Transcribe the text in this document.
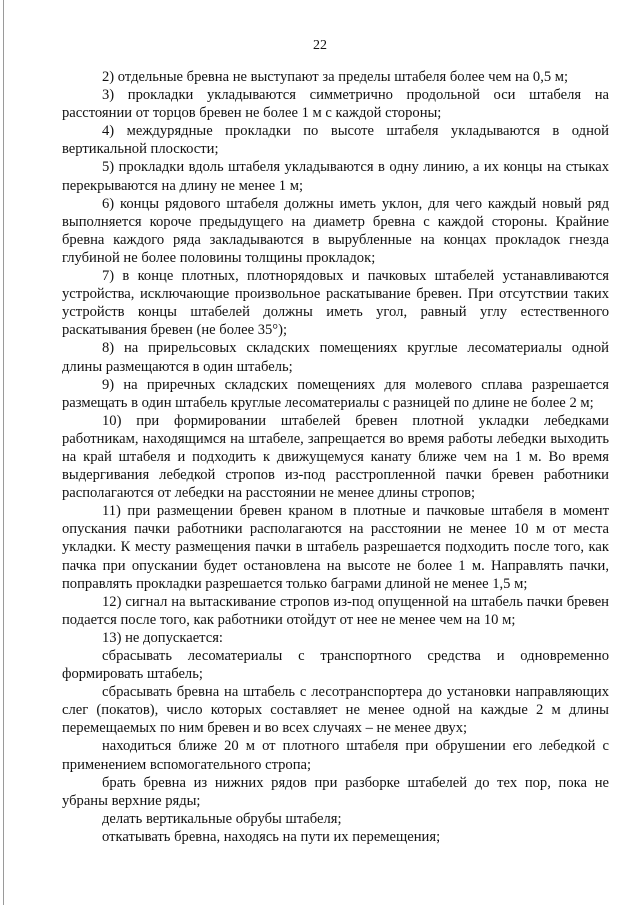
22

2) отдельные бревна не выступают за пределы штабеля более чем на 0,5 м;

3) прокладки укладываются симметрично продольной оси штабеля на расстоянии от торцов бревен не более 1 м с каждой стороны;

4) междурядные прокладки по высоте штабеля укладываются в одной вертикальной плоскости;

5) прокладки вдоль штабеля укладываются в одну линию, а их концы на стыках перекрываются на длину не менее 1 м;

6) концы рядового штабеля должны иметь уклон, для чего каждый новый ряд выполняется короче предыдущего на диаметр бревна с каждой стороны. Крайние бревна каждого ряда закладываются в вырубленные на концах прокладок гнезда глубиной не более половины толщины прокладок;

7) в конце плотных, плотнорядовых и пачковых штабелей устанавливаются устройства, исключающие произвольное раскатывание бревен. При отсутствии таких устройств концы штабелей должны иметь угол, равный углу естественного раскатывания бревен (не более 35°);

8) на прирельсовых складских помещениях круглые лесоматериалы одной длины размещаются в один штабель;

9) на приречных складских помещениях для молевого сплава разрешается размещать в один штабель круглые лесоматериалы с разницей по длине не более 2 м;

10) при формировании штабелей бревен плотной укладки лебедками работникам, находящимся на штабеле, запрещается во время работы лебедки выходить на край штабеля и подходить к движущемуся канату ближе чем на 1 м. Во время выдергивания лебедкой стропов из-под расстропленной пачки бревен работники располагаются от лебедки на расстоянии не менее длины стропов;

11) при размещении бревен краном в плотные и пачковые штабеля в момент опускания пачки работники располагаются на расстоянии не менее 10 м от места укладки. К месту размещения пачки в штабель разрешается подходить после того, как пачка при опускании будет остановлена на высоте не более 1 м. Направлять пачки, поправлять прокладки разрешается только баграми длиной не менее 1,5 м;

12) сигнал на вытаскивание стропов из-под опущенной на штабель пачки бревен подается после того, как работники отойдут от нее не менее чем на 10 м;

13) не допускается:

сбрасывать лесоматериалы с транспортного средства и одновременно формировать штабель;

сбрасывать бревна на штабель с лесотранспортера до установки направляющих слег (покатов), число которых составляет не менее одной на каждые 2 м длины перемещаемых по ним бревен и во всех случаях – не менее двух;

находиться ближе 20 м от плотного штабеля при обрушении его лебедкой с применением вспомогательного стропа;

брать бревна из нижних рядов при разборке штабелей до тех пор, пока не убраны верхние ряды;

делать вертикальные обрубы штабеля;

откатывать бревна, находясь на пути их перемещения;
